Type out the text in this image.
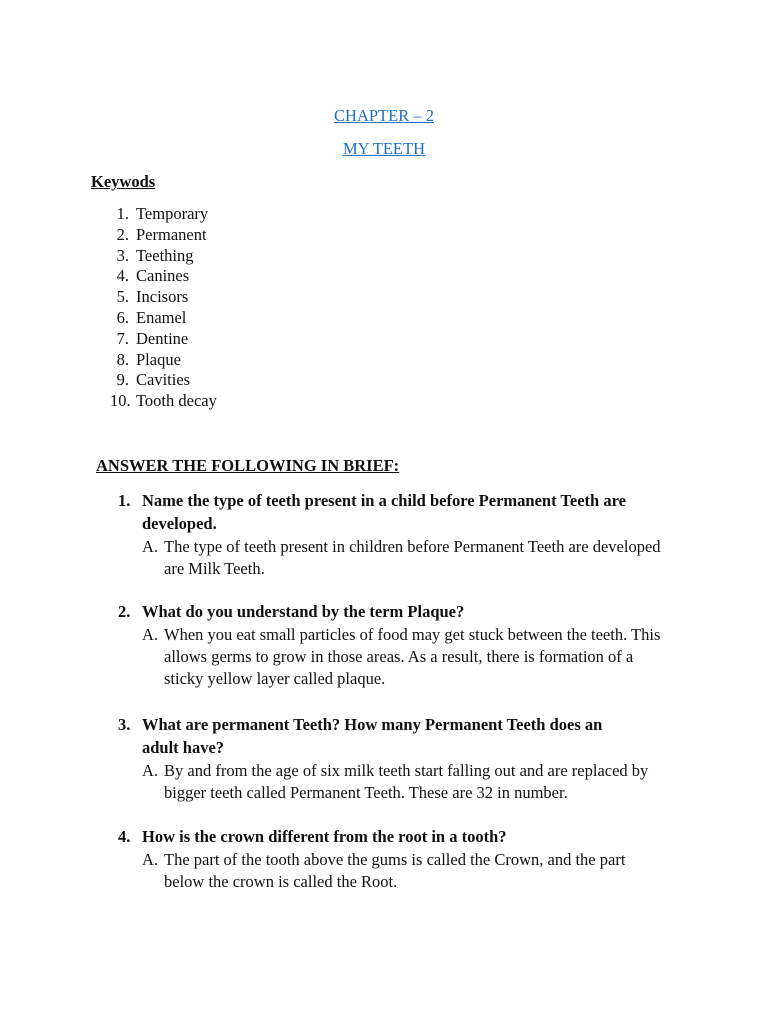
CHAPTER – 2
MY TEETH
Keywods
1. Temporary
2. Permanent
3. Teething
4. Canines
5. Incisors
6. Enamel
7. Dentine
8. Plaque
9. Cavities
10. Tooth decay
ANSWER THE FOLLOWING IN BRIEF:
1. Name the type of teeth present in a child before Permanent Teeth are developed.
A. The type of teeth present in children before Permanent Teeth are developed are Milk Teeth.
2. What do you understand by the term Plaque?
A. When you eat small particles of food may get stuck between the teeth. This allows germs to grow in those areas. As a result, there is formation of a sticky yellow layer called plaque.
3. What are permanent Teeth? How many Permanent Teeth does an adult have?
A. By and from the age of six milk teeth start falling out and are replaced by bigger teeth called Permanent Teeth. These are 32 in number.
4. How is the crown different from the root in a tooth?
A. The part of the tooth above the gums is called the Crown, and the part below the crown is called the Root.
